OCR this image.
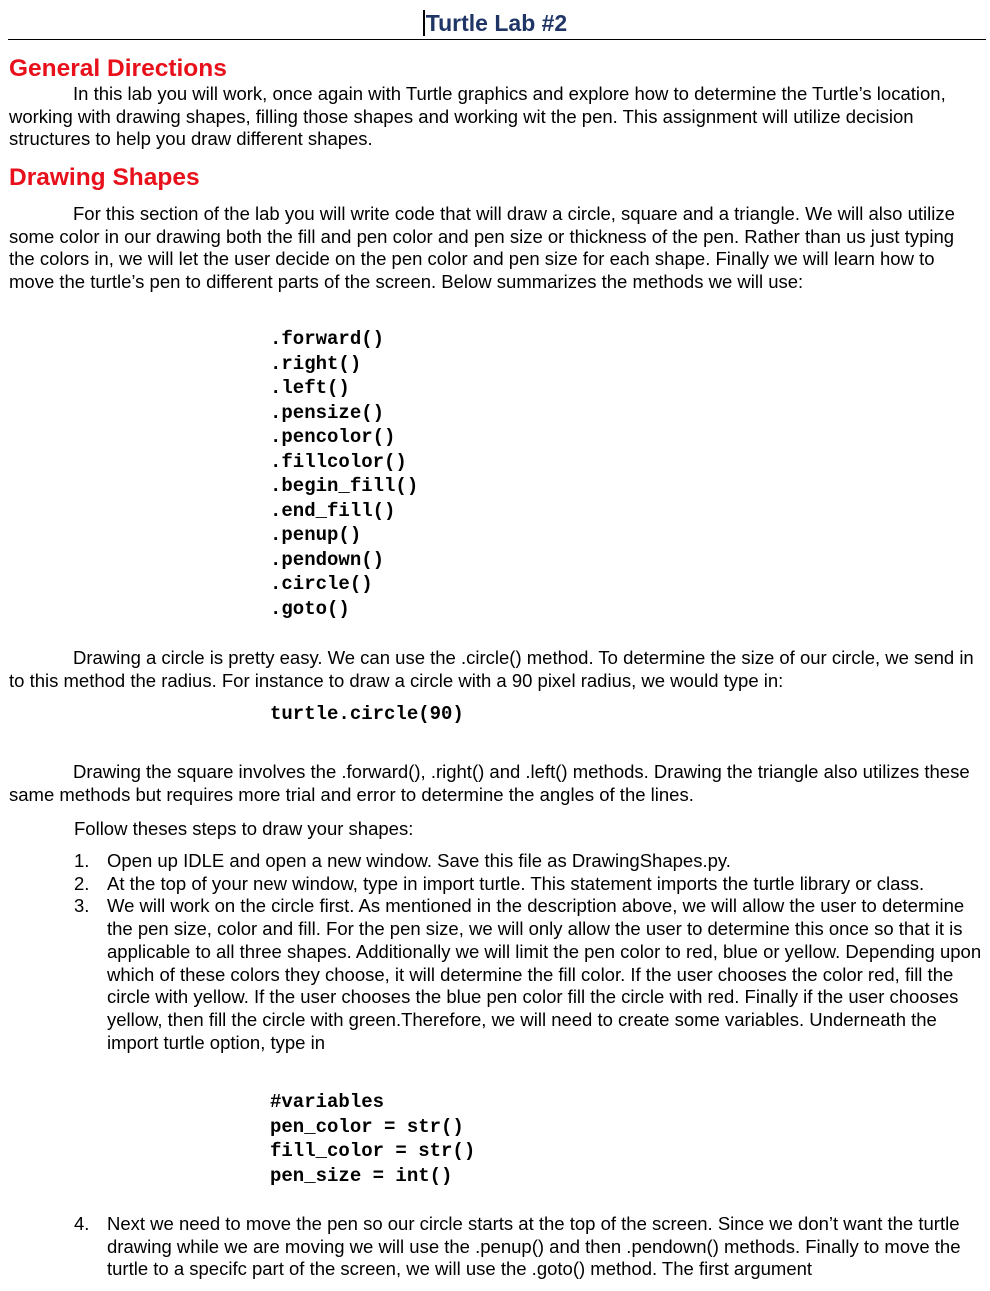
Turtle Lab #2
General Directions

In this lab you will work, once again with Turtle graphics and explore how to determine the Turtle’s location, working with drawing shapes, filling those shapes and working wit the pen. This assignment will utilize decision structures to help you draw different shapes.

Drawing Shapes

For this section of the lab you will write code that will draw a circle, square and a triangle. We will also utilize some color in our drawing both the fill and pen color and pen size or thickness of the pen. Rather than us just typing the colors in, we will let the user decide on the pen color and pen size for each shape. Finally we will learn how to move the turtle’s pen to different parts of the screen. Below summarizes the methods we will use:

.forward()
.right()
.left()
.pensize()
.pencolor()
.fillcolor()
.begin_fill()
.end_fill()
.penup()
.pendown()
.circle()
.goto()

Drawing a circle is pretty easy. We can use the .circle() method. To determine the size of our circle, we send in to this method the radius. For instance to draw a circle with a 90 pixel radius, we would type in:

turtle.circle(90)

Drawing the square involves the .forward(), .right() and .left() methods. Drawing the triangle also utilizes these same methods but requires more trial and error to determine the angles of the lines.

Follow theses steps to draw your shapes:

1. Open up IDLE and open a new window. Save this file as DrawingShapes.py.
2. At the top of your new window, type in import turtle. This statement imports the turtle library or class.
3. We will work on the circle first. As mentioned in the description above, we will allow the user to determine the pen size, color and fill. For the pen size, we will only allow the user to determine this once so that it is applicable to all three shapes. Additionally we will limit the pen color to red, blue or yellow. Depending upon which of these colors they choose, it will determine the fill color. If the user chooses the color red, fill the circle with yellow. If the user chooses the blue pen color fill the circle with red. Finally if the user chooses yellow, then fill the circle with green.Therefore, we will need to create some variables. Underneath the import turtle option, type in
#variables
pen_color = str()
fill_color = str()
pen_size = int()
4. Next we need to move the pen so our circle starts at the top of the screen. Since we don’t want the turtle drawing while we are moving we will use the .penup() and then .pendown() methods. Finally to move the turtle to a specifc part of the screen, we will use the .goto() method. The first argument
